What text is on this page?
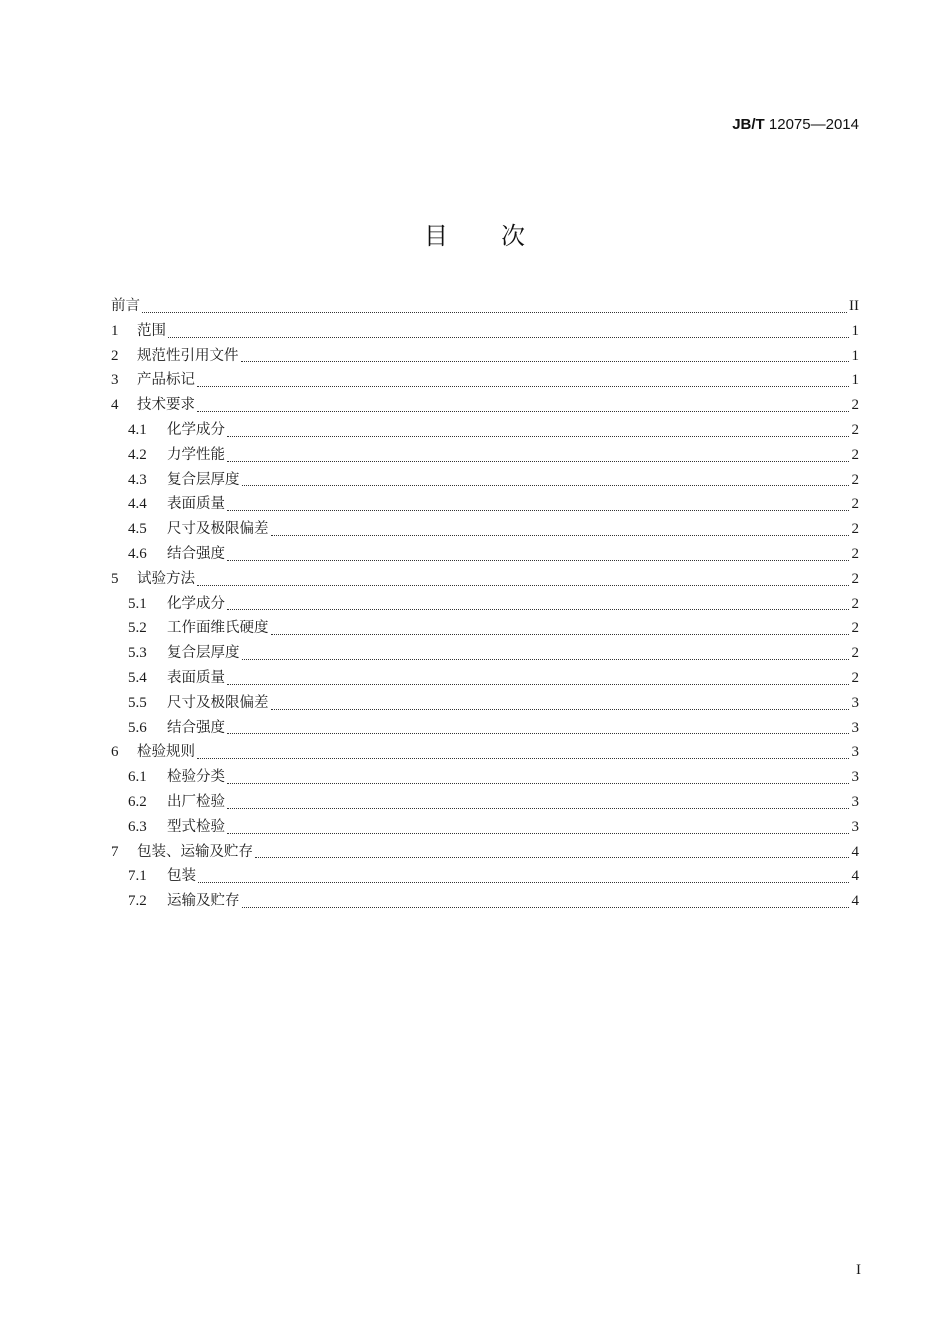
JB/T 12075—2014
目 次
前言	II
1	范围	1
2	规范性引用文件	1
3	产品标记	1
4	技术要求	2
4.1	化学成分	2
4.2	力学性能	2
4.3	复合层厚度	2
4.4	表面质量	2
4.5	尺寸及极限偏差	2
4.6	结合强度	2
5	试验方法	2
5.1	化学成分	2
5.2	工作面维氏硬度	2
5.3	复合层厚度	2
5.4	表面质量	2
5.5	尺寸及极限偏差	3
5.6	结合强度	3
6	检验规则	3
6.1	检验分类	3
6.2	出厂检验	3
6.3	型式检验	3
7	包装、运输及贮存	4
7.1	包装	4
7.2	运输及贮存	4
I
